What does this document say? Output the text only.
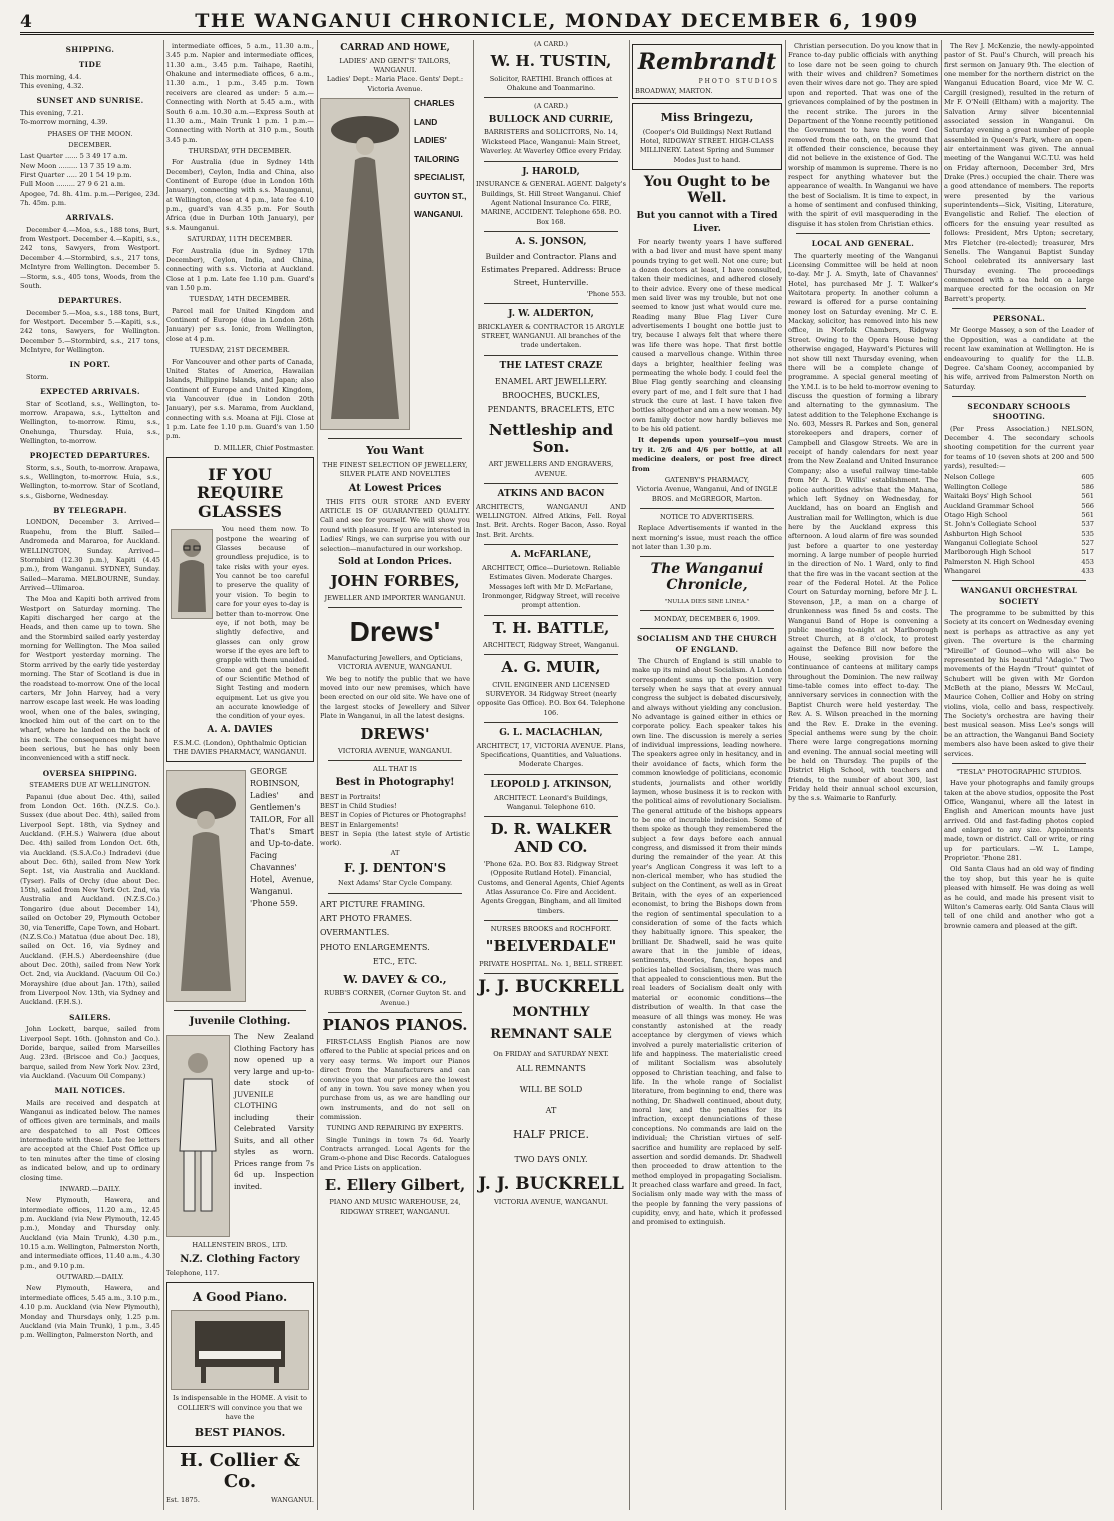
4	THE WANGANUI CHRONICLE, MONDAY DECEMBER 6, 1909
SHIPPING.
TIDE
This morning, 4.4.
This evening, 4.32.
SUNSET AND SUNRISE.
This evening, 7.21.
To-morrow morning, 4.39.
PHASES OF THE MOON.
DECEMBER.
Last Quarter ...... 5 3 49 17 a.m.
New Moon ......... 13 7 35 19 a.m.
First Quarter ..... 20 1 54 19 p.m.
Full Moon ......... 27 9 6 21 a.m.
Apogee, 7d. 8h. 41m. p.m.—Perigee, 23d. 7h. 45m. p.m.
ARRIVALS.

December 4.—Moa, s.s., 188 tons, Burt, from Westport. December 4.—Kapiti, s.s., 242 tons, Sawyers, from Westport. December 4.—Stormbird, s.s., 217 tons, McIntyre from Wellington. December 5.—Storm, s.s., 405 tons, Woods, from the South.

DEPARTURES.

December 5.—Moa, s.s., 188 tons, Burt, for Westport. December 5.—Kapiti, s.s., 242 tons, Sawyers, for Wellington. December 5.—Stormbird, s.s., 217 tons, McIntyre, for Wellington.

IN PORT.

Storm.

EXPECTED ARRIVALS.

Star of Scotland, s.s., Wellington, to-morrow. Arapawa, s.s., Lyttelton and Wellington, to-morrow. Rimu, s.s., Onehunga, Thursday. Huia, s.s., Wellington, to-morrow.

PROJECTED DEPARTURES.

Storm, s.s., South, to-morrow. Arapawa, s.s., Wellington, to-morrow. Huia, s.s., Wellington, to-morrow. Star of Scotland, s.s., Gisborne, Wednesday.

BY TELEGRAPH.

LONDON, December 3. Arrived—Ruapehu, from the Bluff. Sailed—Andromeda and Mararoa, for Auckland. WELLINGTON, Sunday. Arrived—Stormbird (12.30 p.m.), Kapiti (4.45 p.m.), from Wanganui. SYDNEY, Sunday. Sailed—Marama. MELBOURNE, Sunday. Arrived—Ulimaroa.

The Moa and Kapiti both arrived from Westport on Saturday morning. The Kapiti discharged her cargo at the Heads, and then came up to town. She and the Stormbird sailed early yesterday morning for Wellington. The Moa sailed for Westport yesterday morning. The Storm arrived by the early tide yesterday morning. The Star of Scotland is due in the roadstead to-morrow. One of the local carters, Mr John Harvey, had a very narrow escape last week. He was loading wool, when one of the bales, swinging, knocked him out of the cart on to the wharf, where he landed on the back of his neck. The consequences might have been serious, but he has only been inconvenienced with a stiff neck.

OVERSEA SHIPPING.
STEAMERS DUE AT WELLINGTON.

Papanui (due about Dec. 4th), sailed from London Oct. 16th. (N.Z.S. Co.). Sussex (due about Dec. 4th), sailed from Liverpool Sept. 18th, via Sydney and Auckland. (F.H.S.) Waiwera (due about Dec. 4th) sailed from London Oct. 6th, via Auckland. (S.S.A.Co.) Indradevi (due about Dec. 6th), sailed from New York Sept. 1st, via Australia and Auckland. (Tyser). Falls of Orchy (due about Dec. 15th), sailed from New York Oct. 2nd, via Australia and Auckland. (N.Z.S.Co.) Tongariro (due about December 14), sailed on October 29, Plymouth October 30, via Teneriffe, Cape Town, and Hobart. (N.Z.S.Co.) Matatua (due about Dec. 18), sailed on Oct. 16, via Sydney and Auckland. (F.H.S.) Aberdeenshire (due about Dec. 20th), sailed from New York Oct. 2nd, via Auckland. (Vacuum Oil Co.) Morayshire (due about Jan. 17th), sailed from Liverpool Nov. 13th, via Sydney and Auckland. (F.H.S.).

SAILERS.

John Lockett, barque, sailed from Liverpool Sept. 16th. (Johnston and Co.). Doride, barque, sailed from Marseilles Aug. 23rd. (Briscoe and Co.) Jacques, barque, sailed from New York Nov. 23rd, via Auckland. (Vacuum Oil Company.)

MAIL NOTICES.

Mails are received and despatch at Wanganui as indicated below. The names of offices given are terminals, and mails are despatched to all Post Offices intermediate with these. Late fee letters are accepted at the Chief Post Office up to ten minutes after the time of closing as indicated below, and up to ordinary closing time.

INWARD.—DAILY.

New Plymouth, Hawera, and intermediate offices, 11.20 a.m., 12.45 p.m. Auckland (via New Plymouth, 12.45 p.m.), Monday and Thursday only. Auckland (via Main Trunk), 4.30 p.m., 10.15 a.m. Wellington, Palmerston North, and intermediate offices, 11.40 a.m., 4.30 p.m., and 9.10 p.m.

OUTWARD.—DAILY.

New Plymouth, Hawera, and intermediate offices, 5.45 a.m., 3.10 p.m., 4.10 p.m. Auckland (via New Plymouth), Monday and Thursdays only, 1.25 p.m. Auckland (via Main Trunk), 1 p.m., 3.45 p.m. Wellington, Palmerston North, and

intermediate offices, 5 a.m., 11.30 a.m., 3.45 p.m. Napier and intermediate offices, 11.30 a.m., 3.45 p.m. Taihape, Raetihi, Ohakune and intermediate offices, 6 a.m., 11.30 a.m., 1 p.m., 3.45 p.m. Town receivers are cleared as under: 5 a.m.—Connecting with North at 5.45 a.m., with South 6 a.m. 10.30 a.m.—Express South at 11.30 a.m., Main Trunk 1 p.m. 1 p.m.—Connecting with North at 310 p.m., South 3.45 p.m.

THURSDAY, 9TH DECEMBER.

For Australia (due in Sydney 14th December), Ceylon, India and China, also Continent of Europe (due in London 16th January), connecting with s.s. Maunganui, at Wellington, close at 4 p.m., late fee 4.10 p.m., guard's van 4.35 p.m. For South Africa (due in Durban 10th January), per s.s. Maunganui.

SATURDAY, 11TH DECEMBER.

For Australia (due in Sydney 17th December), Ceylon, India, and China, connecting with s.s. Victoria at Auckland. Close at 1 p.m. Late fee 1.10 p.m. Guard's van 1.50 p.m.

TUESDAY, 14TH DECEMBER.

Parcel mail for United Kingdom and Continent of Europe (due in London 26th January) per s.s. Ionic, from Wellington, close at 4 p.m.

TUESDAY, 21ST DECEMBER.

For Vancouver and other parts of Canada, United States of America, Hawaiian Islands, Philippine Islands, and Japan; also Continent of Europe and United Kingdom, via Vancouver (due in London 20th January), per s.s. Marama, from Auckland, connecting with s.s. Moana at Fiji. Close at 1 p.m. Late fee 1.10 p.m. Guard's van 1.50 p.m.

D. MILLER, Chief Postmaster.
IF YOU REQUIRE GLASSES

You need them now. To postpone the wearing of Glasses because of groundless prejudice, is to take risks with your eyes. You cannot be too careful to preserve the quality of your vision. To begin to care for your eyes to-day is better than to-morrow. One eye, if not both, may be slightly defective, and glasses can only grow worse if the eyes are left to grapple with them unaided. Come and get the benefit of our Scientific Method of Sight Testing and modern equipment. Let us give you an accurate knowledge of the condition of your eyes.

A. A. DAVIES
F.S.M.C. (London), Ophthalmic Optician
THE DAVIES PHARMACY, WANGANUI.
GEORGE ROBINSON, Ladies' and Gentlemen's TAILOR, For all That's Smart and Up-to-date. Facing Chavannes' Hotel, Avenue, Wanganui.
'Phone 559.
Juvenile Clothing.
The New Zealand Clothing Factory has now opened up a very large and up-to-date stock of JUVENILE CLOTHING including their Celebrated Varsity Suits, and all other styles as worn. Prices range from 7s 6d up. Inspection invited.
HALLENSTEIN BROS., LTD.
N.Z. Clothing Factory
Telephone, 117.
A Good Piano.
Is indispensable in the HOME. A visit to COLLIER'S will convince you that we have the
BEST PIANOS.
H. Collier & Co.
Est. 1875.	WANGANUI.
CARRAD AND HOWE,
LADIES' AND GENT'S' TAILORS, WANGANUI.
Ladies' Dept.: Maria Place. Gents' Dept.: Victoria Avenue.
CHARLES LAND LADIES' TAILORING SPECIALIST, GUYTON ST., WANGANUI.
You Want
THE FINEST SELECTION OF JEWELLERY, SILVER PLATE AND NOVELTIES
At Lowest Prices

THIS FITS OUR STORE AND EVERY ARTICLE IS OF GUARANTEED QUALITY. Call and see for yourself. We will show you round with pleasure. If you are interested in Ladies' Rings, we can surprise you with our selection—manufactured in our workshop.

Sold at London Prices.
JOHN FORBES,
JEWELLER AND IMPORTER WANGANUI.
Drews'
Manufacturing Jewellers, and Opticians, VICTORIA AVENUE, WANGANUI.

We beg to notify the public that we have moved into our new premises, which have been erected on our old site. We have one of the largest stocks of Jewellery and Silver Plate in Wanganui, in all the latest designs.

DREWS'
VICTORIA AVENUE, WANGANUI.
ALL THAT IS
Best in Photography!
BEST in Portraits!
BEST in Child Studies!
BEST in Copies of Pictures or Photographs!
BEST in Enlargements!
BEST in Sepia (the latest style of Artistic work).
AT
F. J. DENTON'S
Next Adams' Star Cycle Company.
ART PICTURE FRAMING.
ART PHOTO FRAMES.
OVERMANTLES.
PHOTO ENLARGEMENTS.
ETC., ETC.
W. DAVEY & CO.,
RUBB'S CORNER, (Corner Guyton St. and Avenue.)
PIANOS PIANOS.

FIRST-CLASS English Pianos are now offered to the Public at special prices and on very easy terms. We import our Pianos direct from the Manufacturers and can convince you that our prices are the lowest of any in town. You save money when you purchase from us, as we are handling our own instruments, and do not sell on commission.

TUNING AND REPAIRING BY EXPERTS.

Single Tunings in town 7s 6d. Yearly Contracts arranged. Local Agents for the Gram-o-phone and Disc Records. Catalogues and Price Lists on application.

E. Ellery Gilbert,
PIANO AND MUSIC WAREHOUSE, 24, RIDGWAY STREET, WANGANUI.
(A CARD.)
W. H. TUSTIN,
Solicitor, RAETIHI. Branch offices at Ohakune and Toanmarino.
(A CARD.)
BULLOCK AND CURRIE,
BARRISTERS and SOLICITORS, No. 14, Wicksteed Place, Wanganui: Main Street, Waverley. At Waverley Office every Friday.
J. HAROLD,
INSURANCE & GENERAL AGENT. Dalgety's Buildings, St. Hill Street Wanganui. Chief Agent National Insurance Co. FIRE, MARINE, ACCIDENT. Telephone 658. P.O. Box 168.
A. S. JONSON,
Builder and Contractor. Plans and Estimates Prepared. Address: Bruce Street, Hunterville.
'Phone 553.
J. W. ALDERTON,
BRICKLAYER & CONTRACTOR 15 ARGYLE STREET, WANGANUI. All branches of the trade undertaken.
THE LATEST CRAZE
ENAMEL ART JEWELLERY. BROOCHES, BUCKLES, PENDANTS, BRACELETS, ETC
Nettleship and Son.
ART JEWELLERS AND ENGRAVERS, AVENUE.
ATKINS AND BACON
ARCHITECTS, WANGANUI AND WELLINGTON. Alfred Atkins, Fell. Royal Inst. Brit. Archts. Roger Bacon, Asso. Royal Inst. Brit. Archts.
A. McFARLANE,
ARCHITECT, Office—Durietown. Reliable Estimates Given. Moderate Charges. Messages left with Mr D. McFarlane, Ironmonger, Ridgway Street, will receive prompt attention.
T. H. BATTLE,
ARCHITECT, Ridgway Street, Wanganui.
A. G. MUIR,
CIVIL ENGINEER AND LICENSED SURVEYOR. 34 Ridgway Street (nearly opposite Gas Office). P.O. Box 64. Telephone 106.
G. L. MACLACHLAN,
ARCHITECT, 17, VICTORIA AVENUE. Plans, Specifications, Quantities, and Valuations. Moderate Charges.
LEOPOLD J. ATKINSON,
ARCHITECT. Leonard's Buildings, Wanganui. Telephone 610.
D. R. WALKER AND CO.
'Phone 62a. P.O. Box 83. Ridgway Street (Opposite Rutland Hotel). Financial, Customs, and General Agents, Chief Agents Atlas Assurance Co. Fire and Accident. Agents Greggan, Bingham, and all limited timbers.
NURSES BROOKS and ROCHFORT.
"BELVERDALE"
PRIVATE HOSPITAL. No. 1, BELL STREET.
J. J. BUCKRELL
MONTHLY REMNANT SALE
On FRIDAY and SATURDAY NEXT.
ALL REMNANTS
WILL BE SOLD
AT
HALF PRICE.
TWO DAYS ONLY.
J. J. BUCKRELL
VICTORIA AVENUE, WANGANUI.
Rembrandt
PHOTO STUDIOS
BROADWAY, MARTON.
Miss Bringezu,
(Cooper's Old Buildings) Next Rutland Hotel, RIDGWAY STREET. HIGH-CLASS MILLINERY. Latest Spring and Summer Modes Just to hand.
You Ought to be Well.
But you cannot with a Tired Liver.

For nearly twenty years I have suffered with a bad liver and must have spent many pounds trying to get well. Not one cure; but a dozen doctors at least, I have consulted, taken their medicines, and adhered closely to their advice. Every one of these medical men said liver was my trouble, but not one seemed to know just what would cure me. Reading many Blue Flag Liver Cure advertisements I bought one bottle just to try, because I always felt that where there was life there was hope. That first bottle caused a marvellous change. Within three days a brighter, healthier feeling was permeating the whole body. I could feel the Blue Flag gently searching and cleansing every part of me, and I felt sure that I had struck the cure at last. I have taken five bottles altogether and am a new woman. My own family doctor now hardly believes me to be his old patient.

It depends upon yourself—you must try it. 2/6 and 4/6 per bottle, at all medicine dealers, or post free direct from

GATENBY'S PHARMACY,
Victoria Avenue, Wanganui, And of INGLE BROS. and McGREGOR, Marton.
NOTICE TO ADVERTISERS.

Replace Advertisements if wanted in the next morning's issue, must reach the office not later than 1.30 p.m.

The Wanganui Chronicle,
"NULLA DIES SINE LINEA."
MONDAY, DECEMBER 6, 1909.
SOCIALISM AND THE CHURCH OF ENGLAND.

The Church of England is still unable to make up its mind about Socialism. A London correspondent sums up the position very tersely when he says that at every annual congress the subject is debated discursively, and always without yielding any conclusion. No advantage is gained either in ethics or corporate policy. Each speaker takes his own line. The discussion is merely a series of individual impressions, leading nowhere. The speakers agree only in hesitancy, and in their avoidance of facts, which form the common knowledge of politicians, economic students, journalists and other worldly laymen, whose business it is to reckon with the political aims of revolutionary Socialism. The general attitude of the bishops appears to be one of incurable indecision. Some of them spoke as though they remembered the subject a few days before each annual congress, and dismissed it from their minds during the remainder of the year. At this year's Anglican Congress it was left to a non-clerical member, who has studied the subject on the Continent, as well as in Great Britain, with the eyes of an experienced economist, to bring the Bishops down from the region of sentimental speculation to a consideration of some of the facts which they habitually ignore. This speaker, the brilliant Dr. Shadwell, said he was quite aware that in the jumble of ideas, sentiments, theories, fancies, hopes and policies labelled Socialism, there was much that appealed to conscientious men. But the real leaders of Socialism dealt only with material or economic conditions—the distribution of wealth. In that case the measure of all things was money. He was constantly astonished at the ready acceptance by clergymen of views which involved a purely materialistic criterion of life and happiness. The materialistic creed of militant Socialism was absolutely opposed to Christian teaching, and false to life. In the whole range of Socialist literature, from beginning to end, there was nothing, Dr. Shadwell continued, about duty, moral law, and the penalties for its infraction, except denunciations of these conceptions. No commands are laid on the individual; the Christian virtues of self-sacrifice and humility are replaced by self-assertion and sordid demands. Dr. Shadwell then proceeded to draw attention to the method employed in propagating Socialism. It preached class warfare and greed. In fact, Socialism only made way with the mass of the people by fanning the very passions of cupidity, envy, and hate, which it professed and promised to extinguish.

Christian persecution. Do you know that in France to-day public officials with anything to lose dare not be seen going to church with their wives and children? Sometimes even their wives dare not go. They are spied upon and reported. That was one of the grievances complained of by the postmen in the recent strike. The jurors in the Department of the Yonne recently petitioned the Government to have the word God removed from the oath, on the ground that it offended their conscience, because they did not believe in the existence of God. The worship of mammon is supreme. There is no respect for anything whatever but the appearance of wealth. In Wanganui we have the best of Socialism. It is time to expect, in a home of sentiment and confused thinking, with the spirit of evil masquerading in the disguise it has stolen from Christian ethics.

LOCAL AND GENERAL.

The quarterly meeting of the Wanganui Licensing Committee will be held at noon to-day. Mr J. A. Smyth, late of Chavannes' Hotel, has purchased Mr J. T. Walker's Waitotara property. In another column a reward is offered for a purse containing money lost on Saturday evening. Mr C. E. Mackay, solicitor, has removed into his new office, in Norfolk Chambers, Ridgway Street. Owing to the Opera House being otherwise engaged, Hayward's Pictures will not show till next Thursday evening, when there will be a complete change of programme. A special general meeting of the Y.M.I. is to be held to-morrow evening to discuss the question of forming a library and alternating to the gymnasium. The latest addition to the Telephone Exchange is No. 603, Messrs R. Parkes and Son, general storekeepers and drapers, corner of Campbell and Glasgow Streets. We are in receipt of handy calendars for next year from the New Zealand and United Insurance Company; also a useful railway time-table from Mr A. D. Willis' establishment. The police authorities advise that the Mahana, which left Sydney on Wednesday, for Auckland, has on board an English and Australian mail for Wellington, which is due here by the Auckland express this afternoon. A loud alarm of fire was sounded just before a quarter to one yesterday morning. A large number of people hurried in the direction of No. 1 Ward, only to find that the fire was in the vacant section at the rear of the Federal Hotel. At the Police Court on Saturday morning, before Mr J. L. Stevenson, J.P., a man on a charge of drunkenness was fined 5s and costs. The Wanganui Band of Hope is convening a public meeting to-night at Marlborough Street Church, at 8 o'clock, to protest against the Defence Bill now before the House, seeking provision for the continuance of canteens at military camps throughout the Dominion. The new railway time-table comes into effect to-day. The anniversary services in connection with the Baptist Church were held yesterday. The Rev. A. S. Wilson preached in the morning and the Rev. E. Drake in the evening. Special anthems were sung by the choir. There were large congregations morning and evening. The annual social meeting will be held on Thursday. The pupils of the District High School, with teachers and friends, to the number of about 300, last Friday held their annual school excursion, by the s.s. Waimarie to Ranfurly.

The Rev J. McKenzie, the newly-appointed pastor of St. Paul's Church, will preach his first sermon on January 9th. The election of one member for the northern district on the Wanganui Education Board, vice Mr W. C. Cargill (resigned), resulted in the return of Mr F. O'Neill (Eltham) with a majority. The Salvation Army silver bicentennial associated session in Wanganui. On Saturday evening a great number of people assembled in Queen's Park, where an open-air entertainment was given. The annual meeting of the Wanganui W.C.T.U. was held on Friday afternoon, December 3rd, Mrs Drake (Pres.) occupied the chair. There was a good attendance of members. The reports were presented by the various superintendents—Sick, Visiting, Literature, Evangelistic and Relief. The election of officers for the ensuing year resulted as follows: President, Mrs Upton; secretary, Mrs Fletcher (re-elected); treasurer, Mrs Senells. The Wanganui Baptist Sunday School celebrated its anniversary last Thursday evening. The proceedings commenced with a tea held on a large marquee erected for the occasion on Mr Barrett's property.

PERSONAL.

Mr George Massey, a son of the Leader of the Opposition, was a candidate at the recent law examination at Wellington. He is endeavouring to qualify for the LL.B. Degree. Ca'sham Cooney, accompanied by his wife, arrived from Palmerston North on Saturday.

SECONDARY SCHOOLS SHOOTING.

(Per Press Association.) NELSON, December 4. The secondary schools shooting competition for the current year for teams of 10 (seven shots at 200 and 500 yards), resulted:—

Nelson College	605
Wellington College	586
Waitaki Boys' High School	561
Auckland Grammar School	566
Otago High School	561
St. John's Collegiate School	537
Ashburton High School	535
Wanganui Collegiate School	527
Marlborough High School	517
Palmerston N. High School	453
Whangarei	433
WANGANUI ORCHESTRAL SOCIETY

The programme to be submitted by this Society at its concert on Wednesday evening next is perhaps as attractive as any yet given. The overture is the charming "Mireille" of Gounod—who will also be represented by his beautiful "Adagio." Two movements of the Haydn "Trout" quintet of Schubert will be given with Mr Gordon McBeth at the piano, Messrs W. McCaul, Maurice Cohen, Collier and Hoby on string violins, viola, cello and bass, respectively. The Society's orchestra are having their best musical season. Miss Lee's songs will be an attraction, the Wanganui Band Society members also have been asked to give their services.

"TESLA" PHOTOGRAPHIC STUDIOS.

Have your photographs and family groups taken at the above studios, opposite the Post Office, Wanganui, where all the latest in English and American mounts have just arrived. Old and fast-fading photos copied and enlarged to any size. Appointments made, town or district. Call or write, or ring up for particulars. —W. L. Lampe, Proprietor. 'Phone 281.

Old Santa Claus had an old way of finding the toy shop, but this year he is quite pleased with himself. He was doing as well as he could, and made his present visit to Wilton's Cameras early. Old Santa Claus will tell of one child and another who got a brownie camera and pleased at the gift.
